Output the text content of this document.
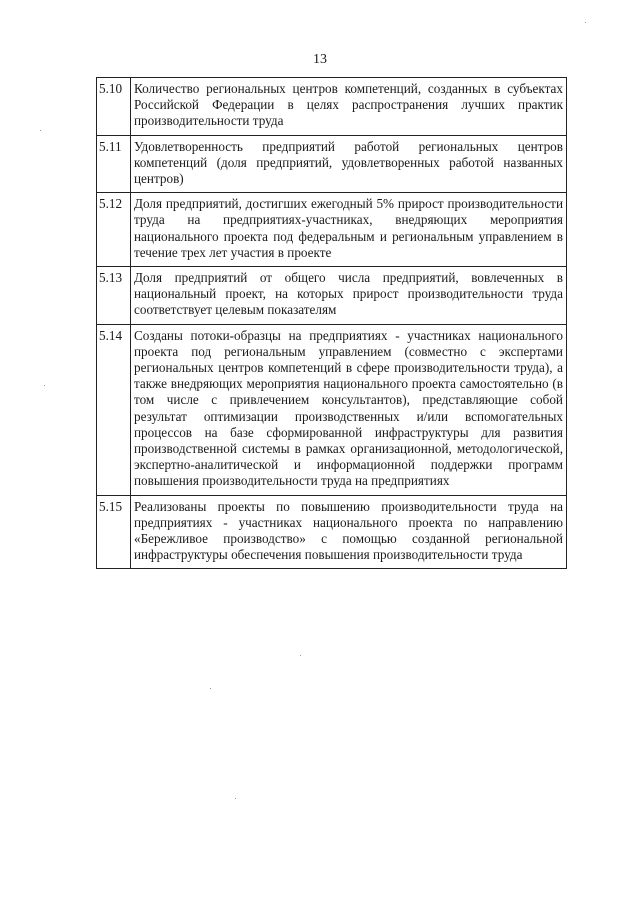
13
5.10	Количество региональных центров компетенций, созданных в субъектах Российской Федерации в целях распространения лучших практик производительности труда
5.11	Удовлетворенность предприятий работой региональных центров компетенций (доля предприятий, удовлетворенных работой названных центров)
5.12	Доля предприятий, достигших ежегодный 5% прирост производительности труда на предприятиях-участниках, внедряющих мероприятия национального проекта под федеральным и региональным управлением в течение трех лет участия в проекте
5.13	Доля предприятий от общего числа предприятий, вовлеченных в национальный проект, на которых прирост производительности труда соответствует целевым показателям
5.14	Созданы потоки-образцы на предприятиях - участниках национального проекта под региональным управлением (совместно с экспертами региональных центров компетенций в сфере производительности труда), а также внедряющих мероприятия национального проекта самостоятельно (в том числе с привлечением консультантов), представляющие собой результат оптимизации производственных и/или вспомогательных процессов на базе сформированной инфраструктуры для развития производственной системы в рамках организационной, методологической, экспертно-аналитической и информационной поддержки программ повышения производительности труда на предприятиях
5.15	Реализованы проекты по повышению производительности труда на предприятиях - участниках национального проекта по направлению «Бережливое производство» с помощью созданной региональной инфраструктуры обеспечения повышения производительности труда
